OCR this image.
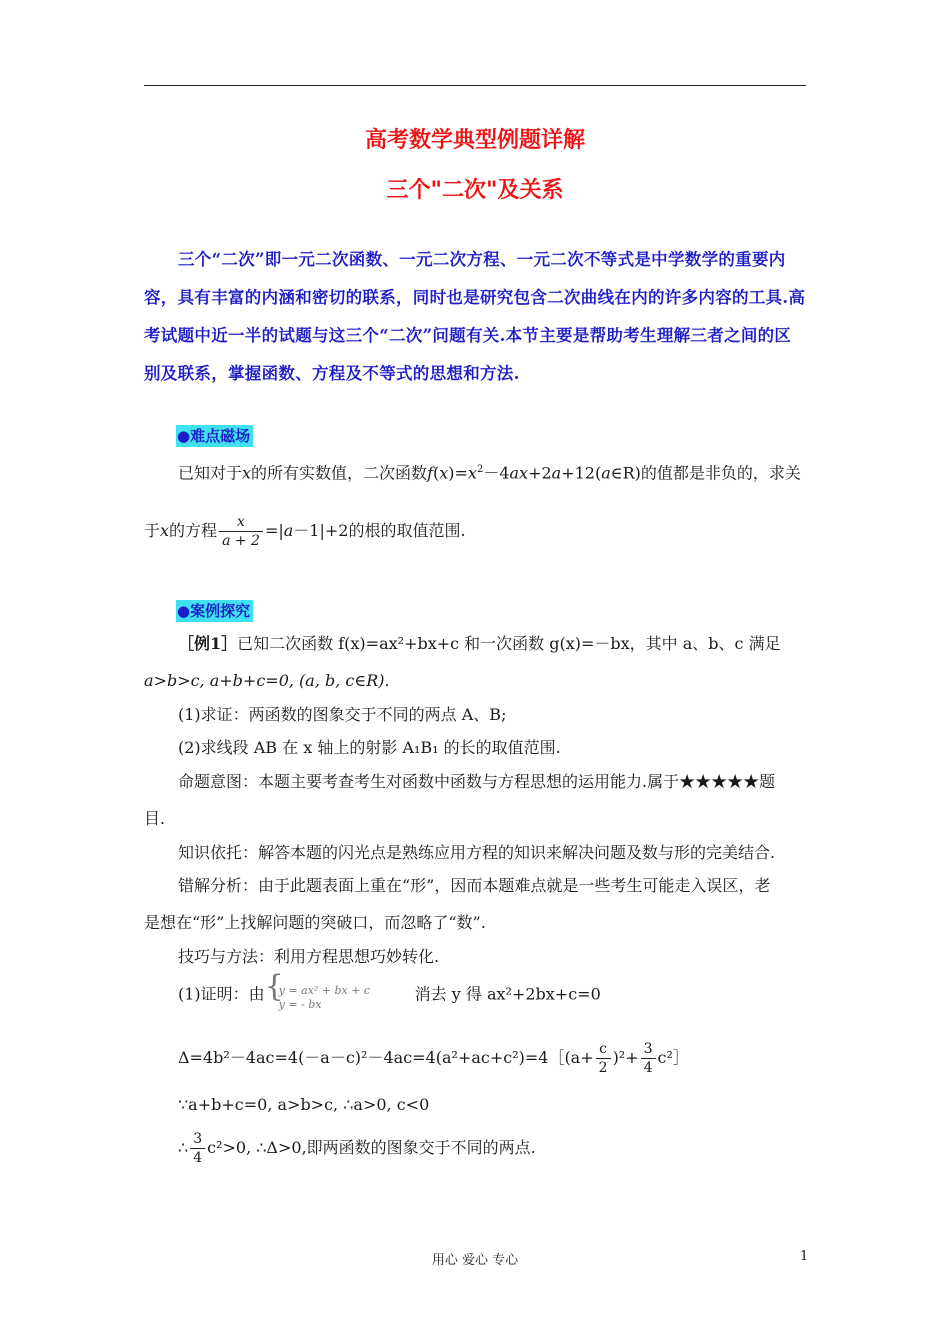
高考数学典型例题详解
三个"二次"及关系
三个“二次”即一元二次函数、一元二次方程、一元二次不等式是中学数学的重要内容，具有丰富的内涵和密切的联系，同时也是研究包含二次曲线在内的许多内容的工具.高考试题中近一半的试题与这三个“二次”问题有关.本节主要是帮助考生理解三者之间的区别及联系，掌握函数、方程及不等式的思想和方法.
●难点磁场
已知对于x的所有实数值，二次函数$f(x)=x^2-4ax+2a+12(a\in R)$的值都是非负的，求关
于x的方程 $\frac{x}{a + 2} =|a-1|+2$的根的取值范围.
●案例探究
［例1］已知二次函数 f(x)=ax²+bx+c 和一次函数 g(x)=－bx，其中 a、b、c 满足
a>b>c, a+b+c=0, (a, b, c∈R).
(1)求证：两函数的图象交于不同的两点 A、B;
(2)求线段 AB 在 x 轴上的射影 A₁B₁ 的长的取值范围.
命题意图：本题主要考查考生对函数中函数与方程思想的运用能力.属于★★★★★题
目.
知识依托：解答本题的闪光点是熟练应用方程的知识来解决问题及数与形的完美结合.
错解分析：由于此题表面上重在“形”，因而本题难点就是一些考生可能走入误区，老
是想在“形”上找解问题的突破口，而忽略了“数”.
技巧与方法：利用方程思想巧妙转化.
(1)证明：由 {
y = ax² + bx + c
y = - bx
消去 y 得 ax²+2bx+c=0
Δ=4b²－4ac=4(－a－c)²－4ac=4(a²+ac+c²)=4［(a+ $\frac{c}{2} )^2+ \frac{3}{4}$ c²］
∵a+b+c=0, a>b>c, ∴a>0, c<0
∴ $\frac{3}{4} c^2>0$, ∴Δ>0,即两函数的图象交于不同的两点.
用心 爱心 专心	1
